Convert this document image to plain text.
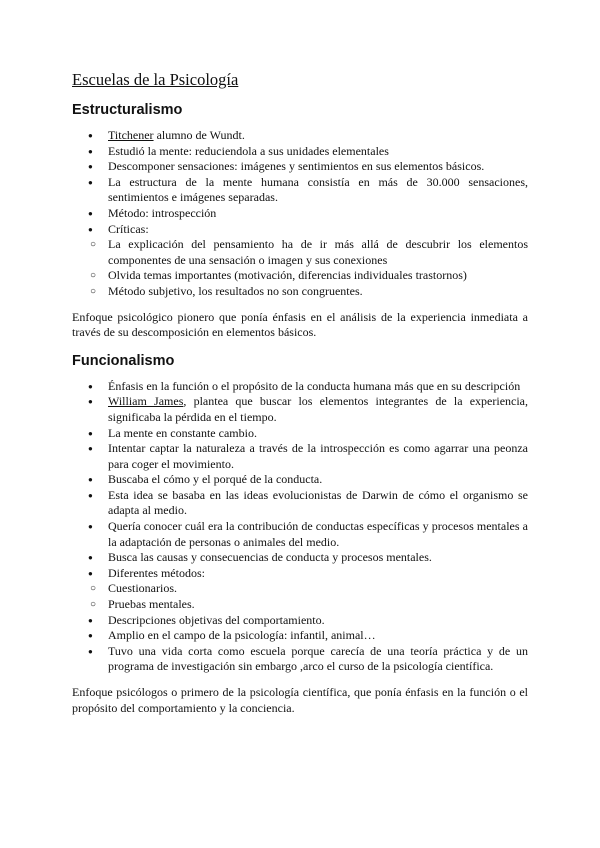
Escuelas de la Psicología
Estructuralismo
● Titchener alumno de Wundt.
● Estudió la mente: reduciendola a sus unidades elementales
● Descomponer sensaciones: imágenes y sentimientos en sus elementos básicos.
● La estructura de la mente humana consistía en más de 30.000 sensaciones, sentimientos e imágenes separadas.
● Método: introspección
● Críticas:
○ La explicación del pensamiento ha de ir más allá de descubrir los elementos componentes de una sensación o imagen y sus conexiones
○ Olvida temas importantes (motivación, diferencias individuales trastornos)
○ Método subjetivo, los resultados no son congruentes.

Enfoque psicológico pionero que ponía énfasis en el análisis de la experiencia inmediata a través de su descomposición en elementos básicos.

Funcionalismo
● Énfasis en la función o el propósito de la conducta humana más que en su descripción
● William James, plantea que buscar los elementos integrantes de la experiencia, significaba la pérdida en el tiempo.
● La mente en constante cambio.
● Intentar captar la naturaleza a través de la introspección es como agarrar una peonza para coger el movimiento.
● Buscaba el cómo y el porqué de la conducta.
● Esta idea se basaba en las ideas evolucionistas de Darwin de cómo el organismo se adapta al medio.
● Quería conocer cuál era la contribución de conductas específicas y procesos mentales a la adaptación de personas o animales del medio.
● Busca las causas y consecuencias de conducta y procesos mentales.
● Diferentes métodos:
○ Cuestionarios.
○ Pruebas mentales.
● Descripciones objetivas del comportamiento.
● Amplio en el campo de la psicología: infantil, animal…
● Tuvo una vida corta como escuela porque carecía de una teoría práctica y de un programa de investigación sin embargo ,arco el curso de la psicología científica.

Enfoque psicólogos o primero de la psicología científica, que ponía énfasis en la función o el propósito del comportamiento y la conciencia.
